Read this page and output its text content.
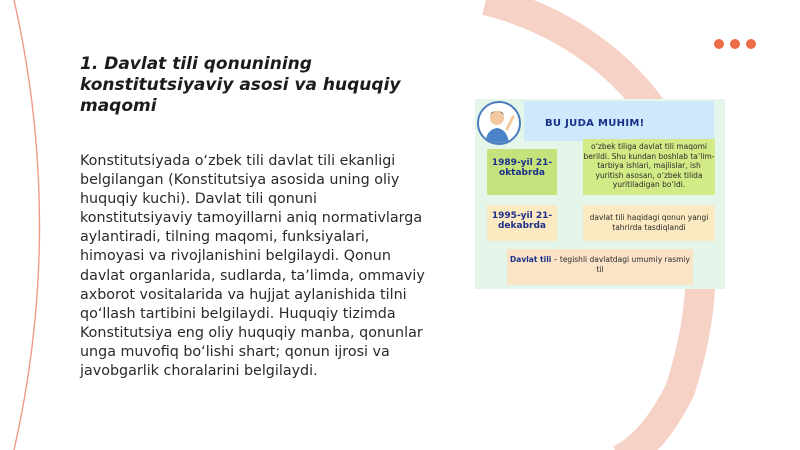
1. Davlat tili qonunining konstitutsiyaviy asosi va huquqiy maqomi

Konstitutsiyada oʻzbek tili davlat tili ekanligi belgilangan (Konstitutsiya asosida uning oliy huquqiy kuchi). Davlat tili qonuni konstitutsiyaviy tamoyillarni aniq normativlarga aylantiradi, tilning maqomi, funksiyalari, himoyasi va rivojlanishini belgilaydi. Qonun davlat organlarida, sudlarda, taʼlimda, ommaviy axborot vositalarida va hujjat aylanishida tilni qoʻllash tartibini belgilaydi. Huquqiy tizimda Konstitutsiya eng oliy huquqiy manba, qonunlar unga muvofiq boʻlishi shart; qonun ijrosi va javobgarlik choralarini belgilaydi.

BU JUDA MUHIM!
1989-yil 21-oktabrda
oʻzbek tiliga davlat tili maqomi berildi. Shu kundan boshlab taʼlim-tarbiya ishlari, majlislar, ish yuritish asosan, oʻzbek tilida yuritiladigan boʻldi.
1995-yil 21-dekabrda
davlat tili haqidagi qonun yangi tahrirda tasdiqlandi
Davlat tili – tegishli davlatdagi umumiy rasmiy til
